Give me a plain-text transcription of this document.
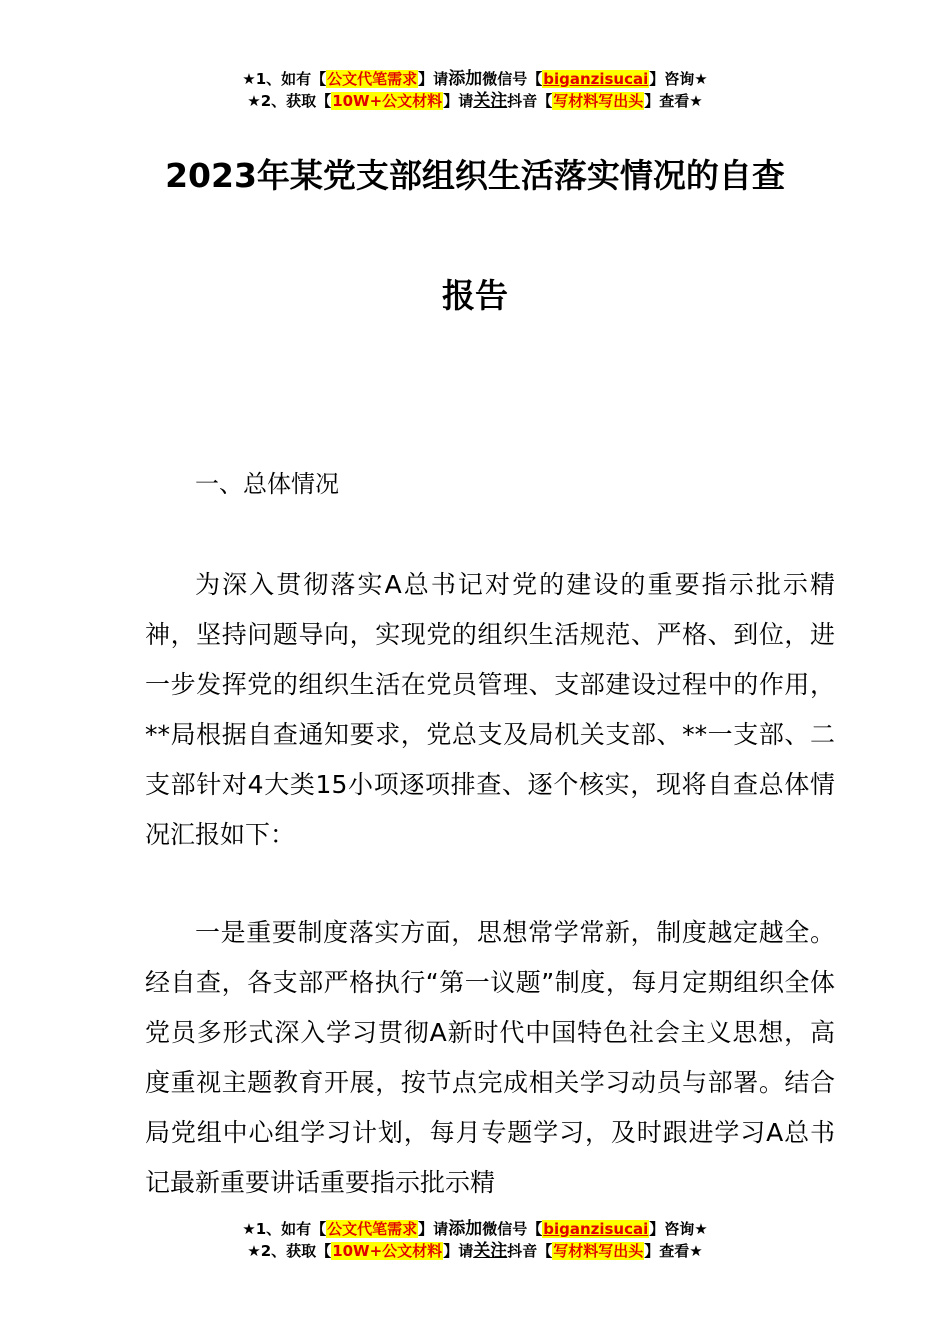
★1、如有【公文代笔需求】请添加微信号【biganzisucai】咨询★
★2、获取【10W+公文材料】请关注抖音【写材料写出头】查看★
2023年某党支部组织生活落实情况的自查
报告
一、总体情况

为深入贯彻落实A总书记对党的建设的重要指示批示精神，坚持问题导向，实现党的组织生活规范、严格、到位，进一步发挥党的组织生活在党员管理、支部建设过程中的作用，**局根据自查通知要求，党总支及局机关支部、**一支部、二支部针对4大类15小项逐项排查、逐个核实，现将自查总体情况汇报如下：

一是重要制度落实方面，思想常学常新，制度越定越全。经自查，各支部严格执行“第一议题”制度，每月定期组织全体党员多形式深入学习贯彻A新时代中国特色社会主义思想，高度重视主题教育开展，按节点完成相关学习动员与部署。结合局党组中心组学习计划，每月专题学习，及时跟进学习A总书记最新重要讲话重要指示批示精

★1、如有【公文代笔需求】请添加微信号【biganzisucai】咨询★
★2、获取【10W+公文材料】请关注抖音【写材料写出头】查看★
